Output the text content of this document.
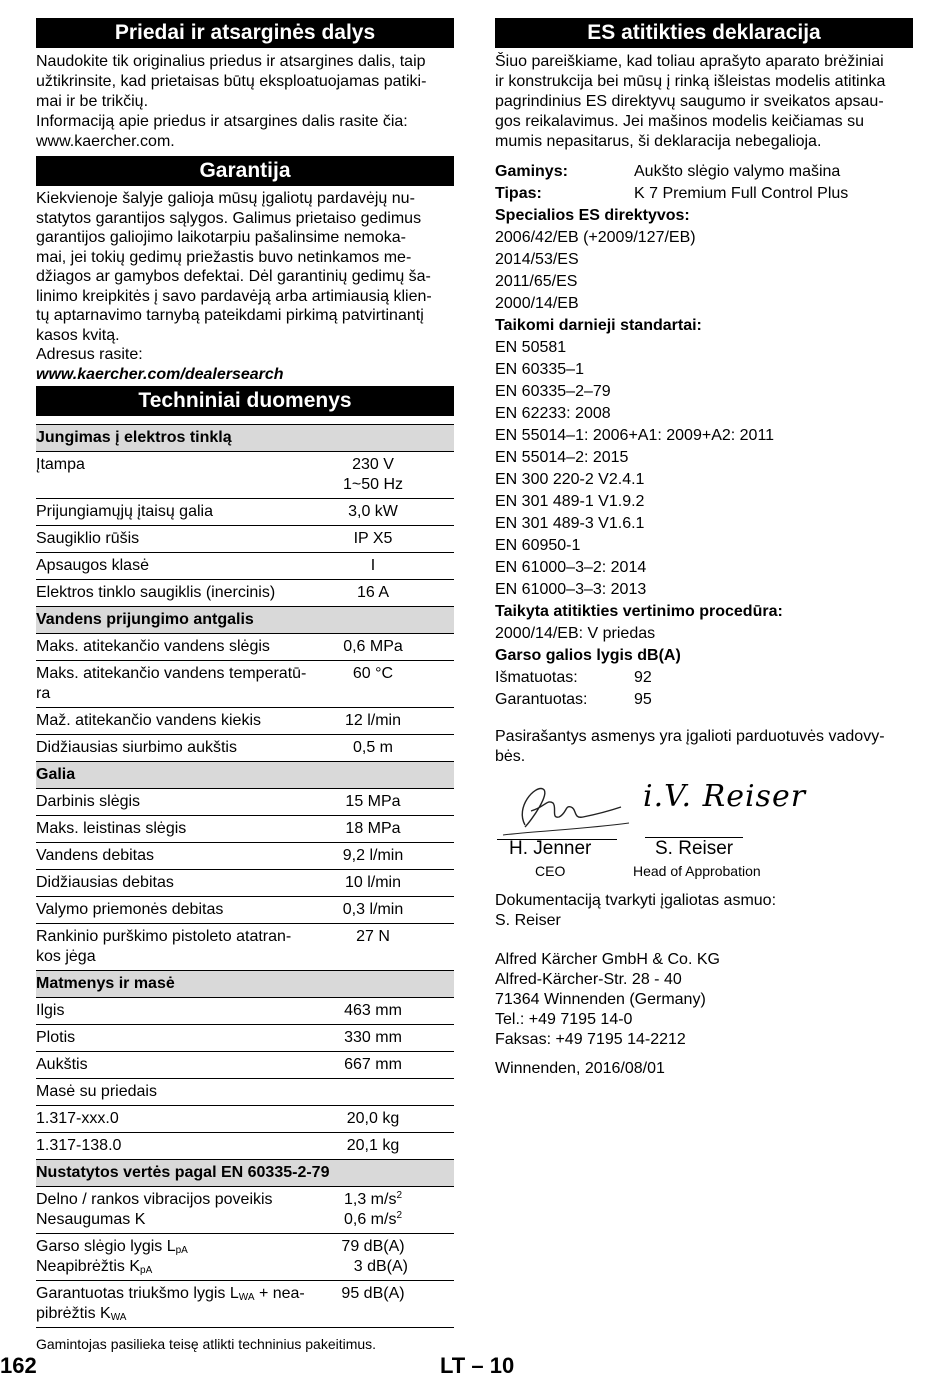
Priedai ir atsarginės dalys

Naudokite tik originalius priedus ir atsargines dalis, taip

užtikrinsite, kad prietaisas būtų eksploatuojamas patiki-

mai ir be trikčių.

Informaciją apie priedus ir atsargines dalis rasite čia:

www.kaercher.com.

Garantija

Kiekvienoje šalyje galioja mūsų įgaliotų pardavėjų nu-

statytos garantijos sąlygos. Galimus prietaiso gedimus

garantijos galiojimo laikotarpiu pašalinsime nemoka-

mai, jei tokių gedimų priežastis buvo netinkamos me-

džiagos ar gamybos defektai. Dėl garantinių gedimų ša-

linimo kreipkitės į savo pardavėją arba artimiausią klien-

tų aptarnavimo tarnybą pateikdami pirkimą patvirtinantį

kasos kvitą.

Adresus rasite:

www.kaercher.com/dealersearch

Techniniai duomenys
Jungimas į elektros tinklą	
Įtampa	230 V
1~50 Hz

Prijungiamųjų įtaisų galia	3,0 kW

Saugiklio rūšis	IP X5

Apsaugos klasė	I

Elektros tinklo saugiklis (inercinis)	16 A

Vandens prijungimo antgalis	
Maks. atitekančio vandens slėgis	0,6 MPa

Maks. atitekančio vandens temperatū-
ra	60 °C

Maž. atitekančio vandens kiekis	12 l/min

Didžiausias siurbimo aukštis	0,5 m

Galia	
Darbinis slėgis	15 MPa

Maks. leistinas slėgis	18 MPa

Vandens debitas	9,2 l/min

Didžiausias debitas	10 l/min

Valymo priemonės debitas	0,3 l/min

Rankinio purškimo pistoleto atatran-
kos jėga	27 N

Matmenys ir masė	
Ilgis	463 mm

Plotis	330 mm

Aukštis	667 mm

Masė su priedais	
1.317-xxx.0	20,0 kg

1.317-138.0	20,1 kg

Nustatytos vertės pagal EN 60335-2-79	
Delno / rankos vibracijos poveikis
Nesaugumas K	1,3 $m/s^2$
0,6 $m/s^2$

Garso slėgio lygis $L_{pA}$
Neapibrėžtis $K_{pA}$	79 dB(A)
3 dB(A)

Garantuotas triukšmo lygis $L_{WA} + nea-$
pibrėžtis $K_{WA}$	95 dB(A)
Gamintojas pasilieka teisę atlikti techninius pakeitimus.
ES atitikties deklaracija

Šiuo pareiškiame, kad toliau aprašyto aparato brėžiniai

ir konstrukcija bei mūsų į rinką išleistas modelis atitinka

pagrindinius ES direktyvų saugumo ir sveikatos apsau-

gos reikalavimus. Jei mašinos modelis keičiamas su

mumis nepasitarus, ši deklaracija nebegalioja.

Gaminys:	Aukšto slėgio valymo mašina
Tipas:	K 7 Premium Full Control Plus
Specialios ES direktyvos:
2006/42/EB (+2009/127/EB)
2014/53/ES
2011/65/ES
2000/14/EB
Taikomi darnieji standartai:
EN 50581
EN 60335–1
EN 60335–2–79
EN 62233: 2008
EN 55014–1: 2006+A1: 2009+A2: 2011
EN 55014–2: 2015
EN 300 220-2 V2.4.1
EN 301 489-1 V1.9.2
EN 301 489-3 V1.6.1
EN 60950-1
EN 61000–3–2: 2014
EN 61000–3–3: 2013
Taikyta atitikties vertinimo procedūra:
2000/14/EB: V priedas
Garso galios lygis dB(A)
Išmatuotas:	92
Garantuotas:	95

Pasirašantys asmenys yra įgalioti parduotuvės vadovy-

bės.

H. Jenner
CEO
i.V. Reiser
S. Reiser
Head of Approbation

Dokumentaciją tvarkyti įgaliotas asmuo:

S. Reiser

Alfred Kärcher GmbH & Co. KG

Alfred-Kärcher-Str. 28 - 40

71364 Winnenden (Germany)

Tel.: +49 7195 14-0

Faksas: +49 7195 14-2212

Winnenden, 2016/08/01

162	LT – 10
